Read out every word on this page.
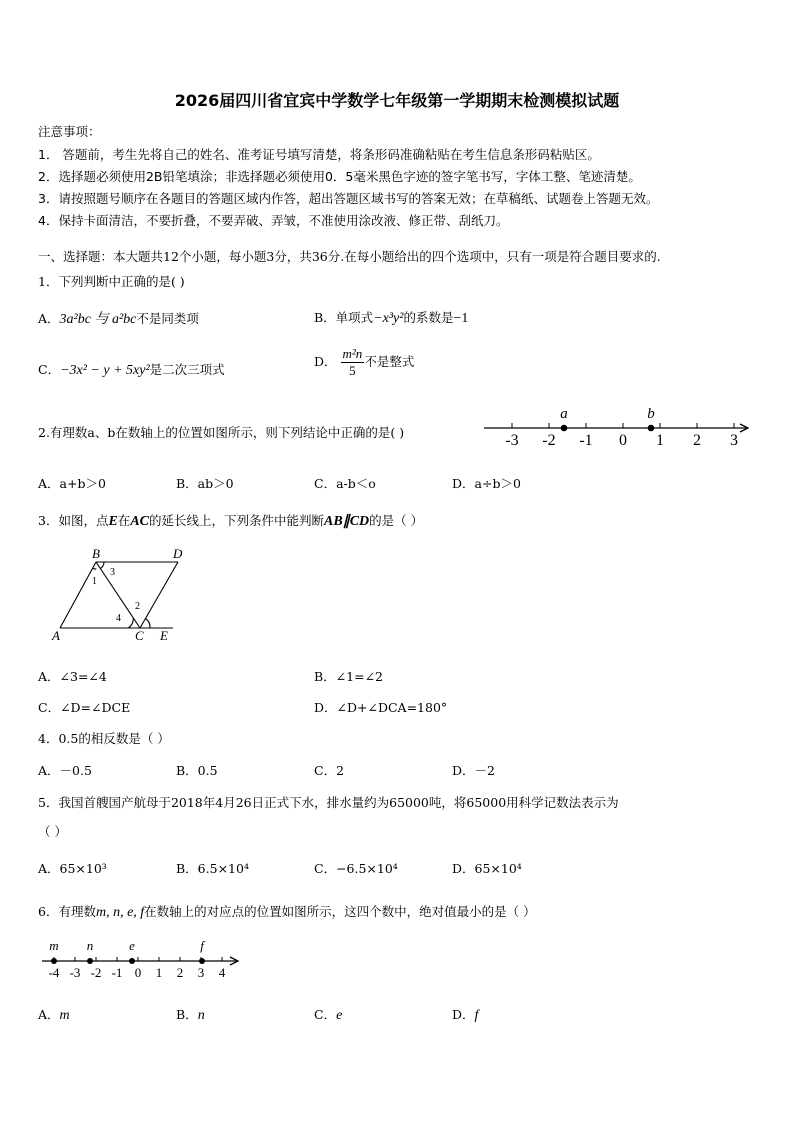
2026届四川省宜宾中学数学七年级第一学期期末检测模拟试题
注意事项：
1． 答题前，考生先将自己的姓名、准考证号填写清楚，将条形码准确粘贴在考生信息条形码粘贴区。
2．选择题必须使用2B铅笔填涂；非选择题必须使用0．5毫米黑色字迹的签字笔书写，字体工整、笔迹清楚。
3．请按照题号顺序在各题目的答题区域内作答，超出答题区域书写的答案无效；在草稿纸、试题卷上答题无效。
4．保持卡面清洁，不要折叠，不要弄破、弄皱，不准使用涂改液、修正带、刮纸刀。
一、选择题：本大题共12个小题，每小题3分，共36分.在每小题给出的四个选项中，只有一项是符合题目要求的.
1．下列判断中正确的是( )
A．3a²bc 与 a²bc不是同类项	B．单项式−x³y²的系数是−1
C．−3x² − y + 5xy²是二次三项式
D． $\frac{\text{m²n}}{5}$ 不是整式
2.有理数a、b在数轴上的位置如图所示，则下列结论中正确的是( )	-3 -2 -1 0 1 2 3
a	b
A．a+b＞0	B．ab＞0	C．a-b＜o	D．a÷b＞0
3．如图，点E在AC的延长线上，下列条件中能判断AB∥CD的是（ ）
B	D
A	C E
1
3
2
4
A．∠3=∠4	B．∠1=∠2
C．∠D=∠DCE	D．∠D+∠DCA=180°
4．0.5的相反数是（ ）
A．－0.5	B．0.5	C．2	D．－2
5．我国首艘国产航母于2018年4月26日正式下水，排水量约为65000吨，将65000用科学记数法表示为
（ ）
A．65×10³	B．6.5×10⁴	C．−6.5×10⁴	D．65×10⁴
6．有理数m, n, e, f在数轴上的对应点的位置如图所示，这四个数中，绝对值最小的是（ ）
-4 -3 -2 -1 0 1 2 3 4
m n	e	f
A．m	B．n	C．e	D．f
